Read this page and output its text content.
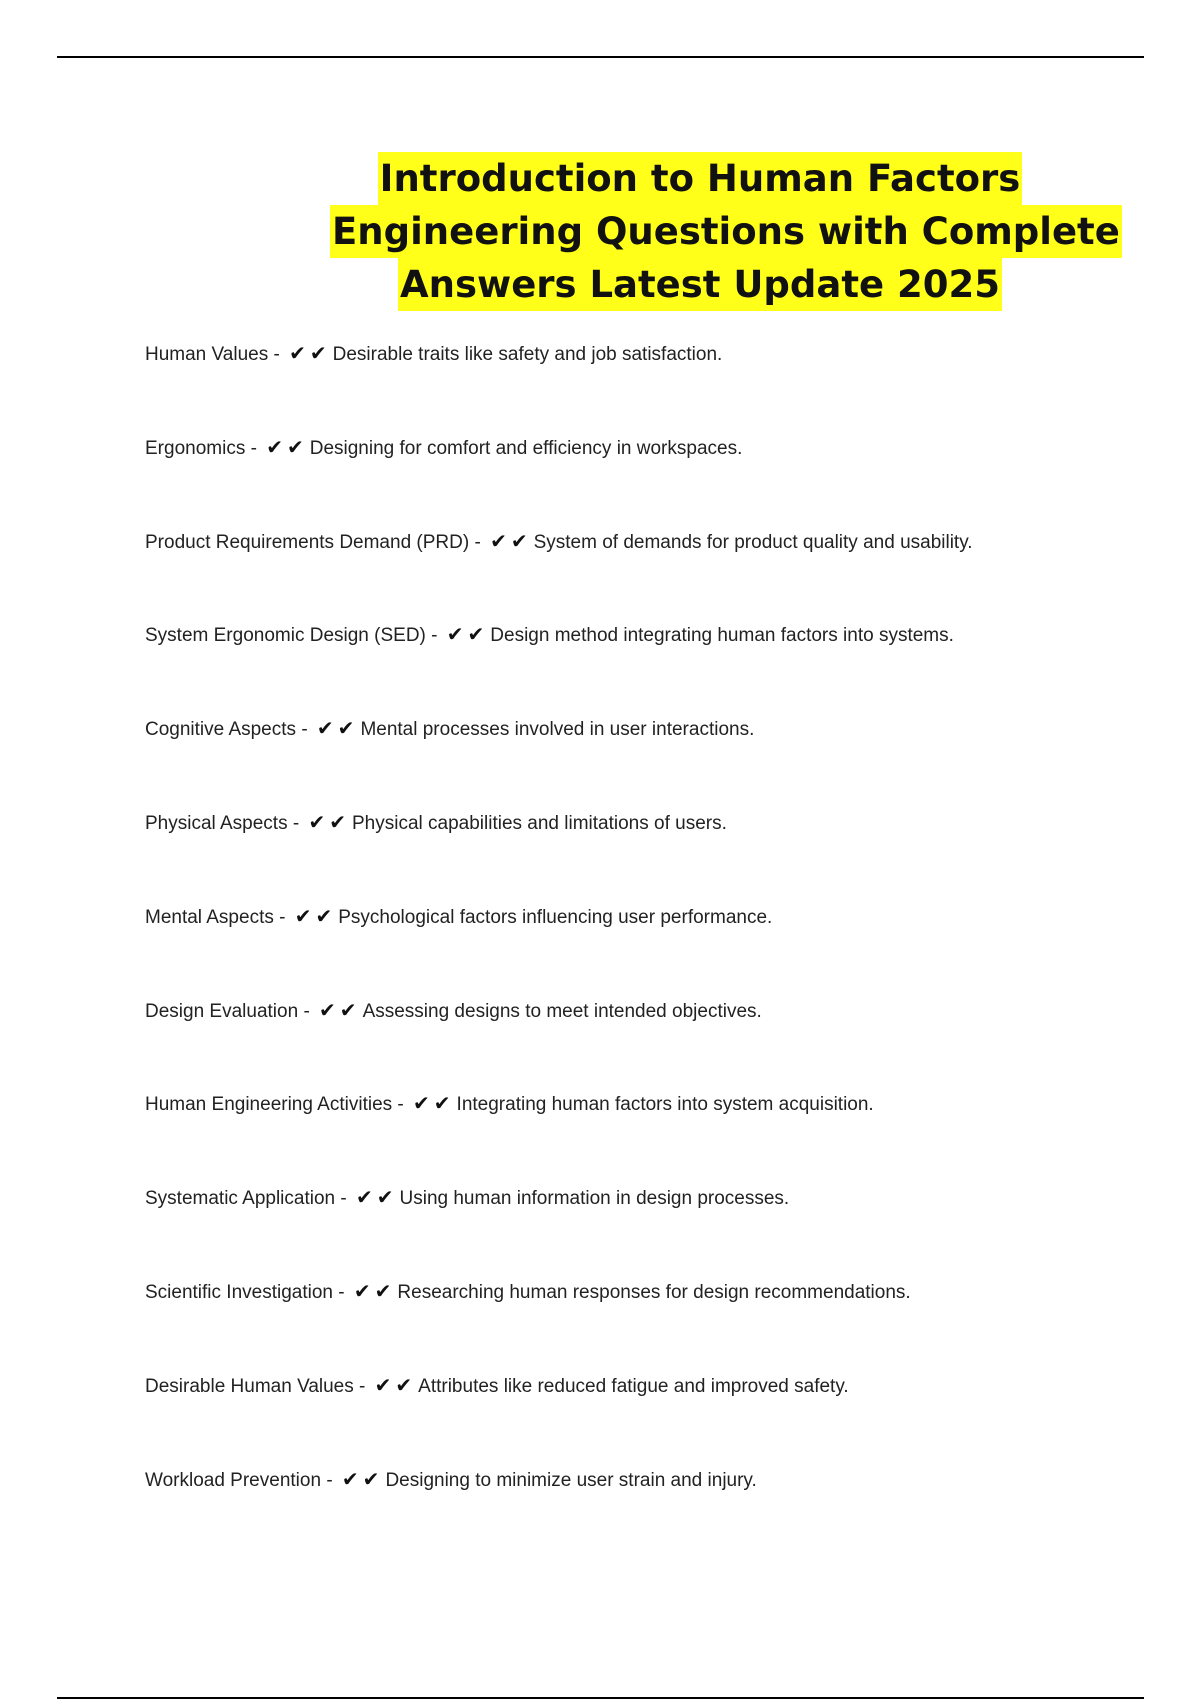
Introduction to Human Factors
Engineering Questions with Complete
Answers Latest Update 2025
Human Values - ✔✔ Desirable traits like safety and job satisfaction.
Ergonomics - ✔✔ Designing for comfort and efficiency in workspaces.
Product Requirements Demand (PRD) - ✔✔ System of demands for product quality and usability.
System Ergonomic Design (SED) - ✔✔ Design method integrating human factors into systems.
Cognitive Aspects - ✔✔ Mental processes involved in user interactions.
Physical Aspects - ✔✔ Physical capabilities and limitations of users.
Mental Aspects - ✔✔ Psychological factors influencing user performance.
Design Evaluation - ✔✔ Assessing designs to meet intended objectives.
Human Engineering Activities - ✔✔ Integrating human factors into system acquisition.
Systematic Application - ✔✔ Using human information in design processes.
Scientific Investigation - ✔✔ Researching human responses for design recommendations.
Desirable Human Values - ✔✔ Attributes like reduced fatigue and improved safety.
Workload Prevention - ✔✔ Designing to minimize user strain and injury.
